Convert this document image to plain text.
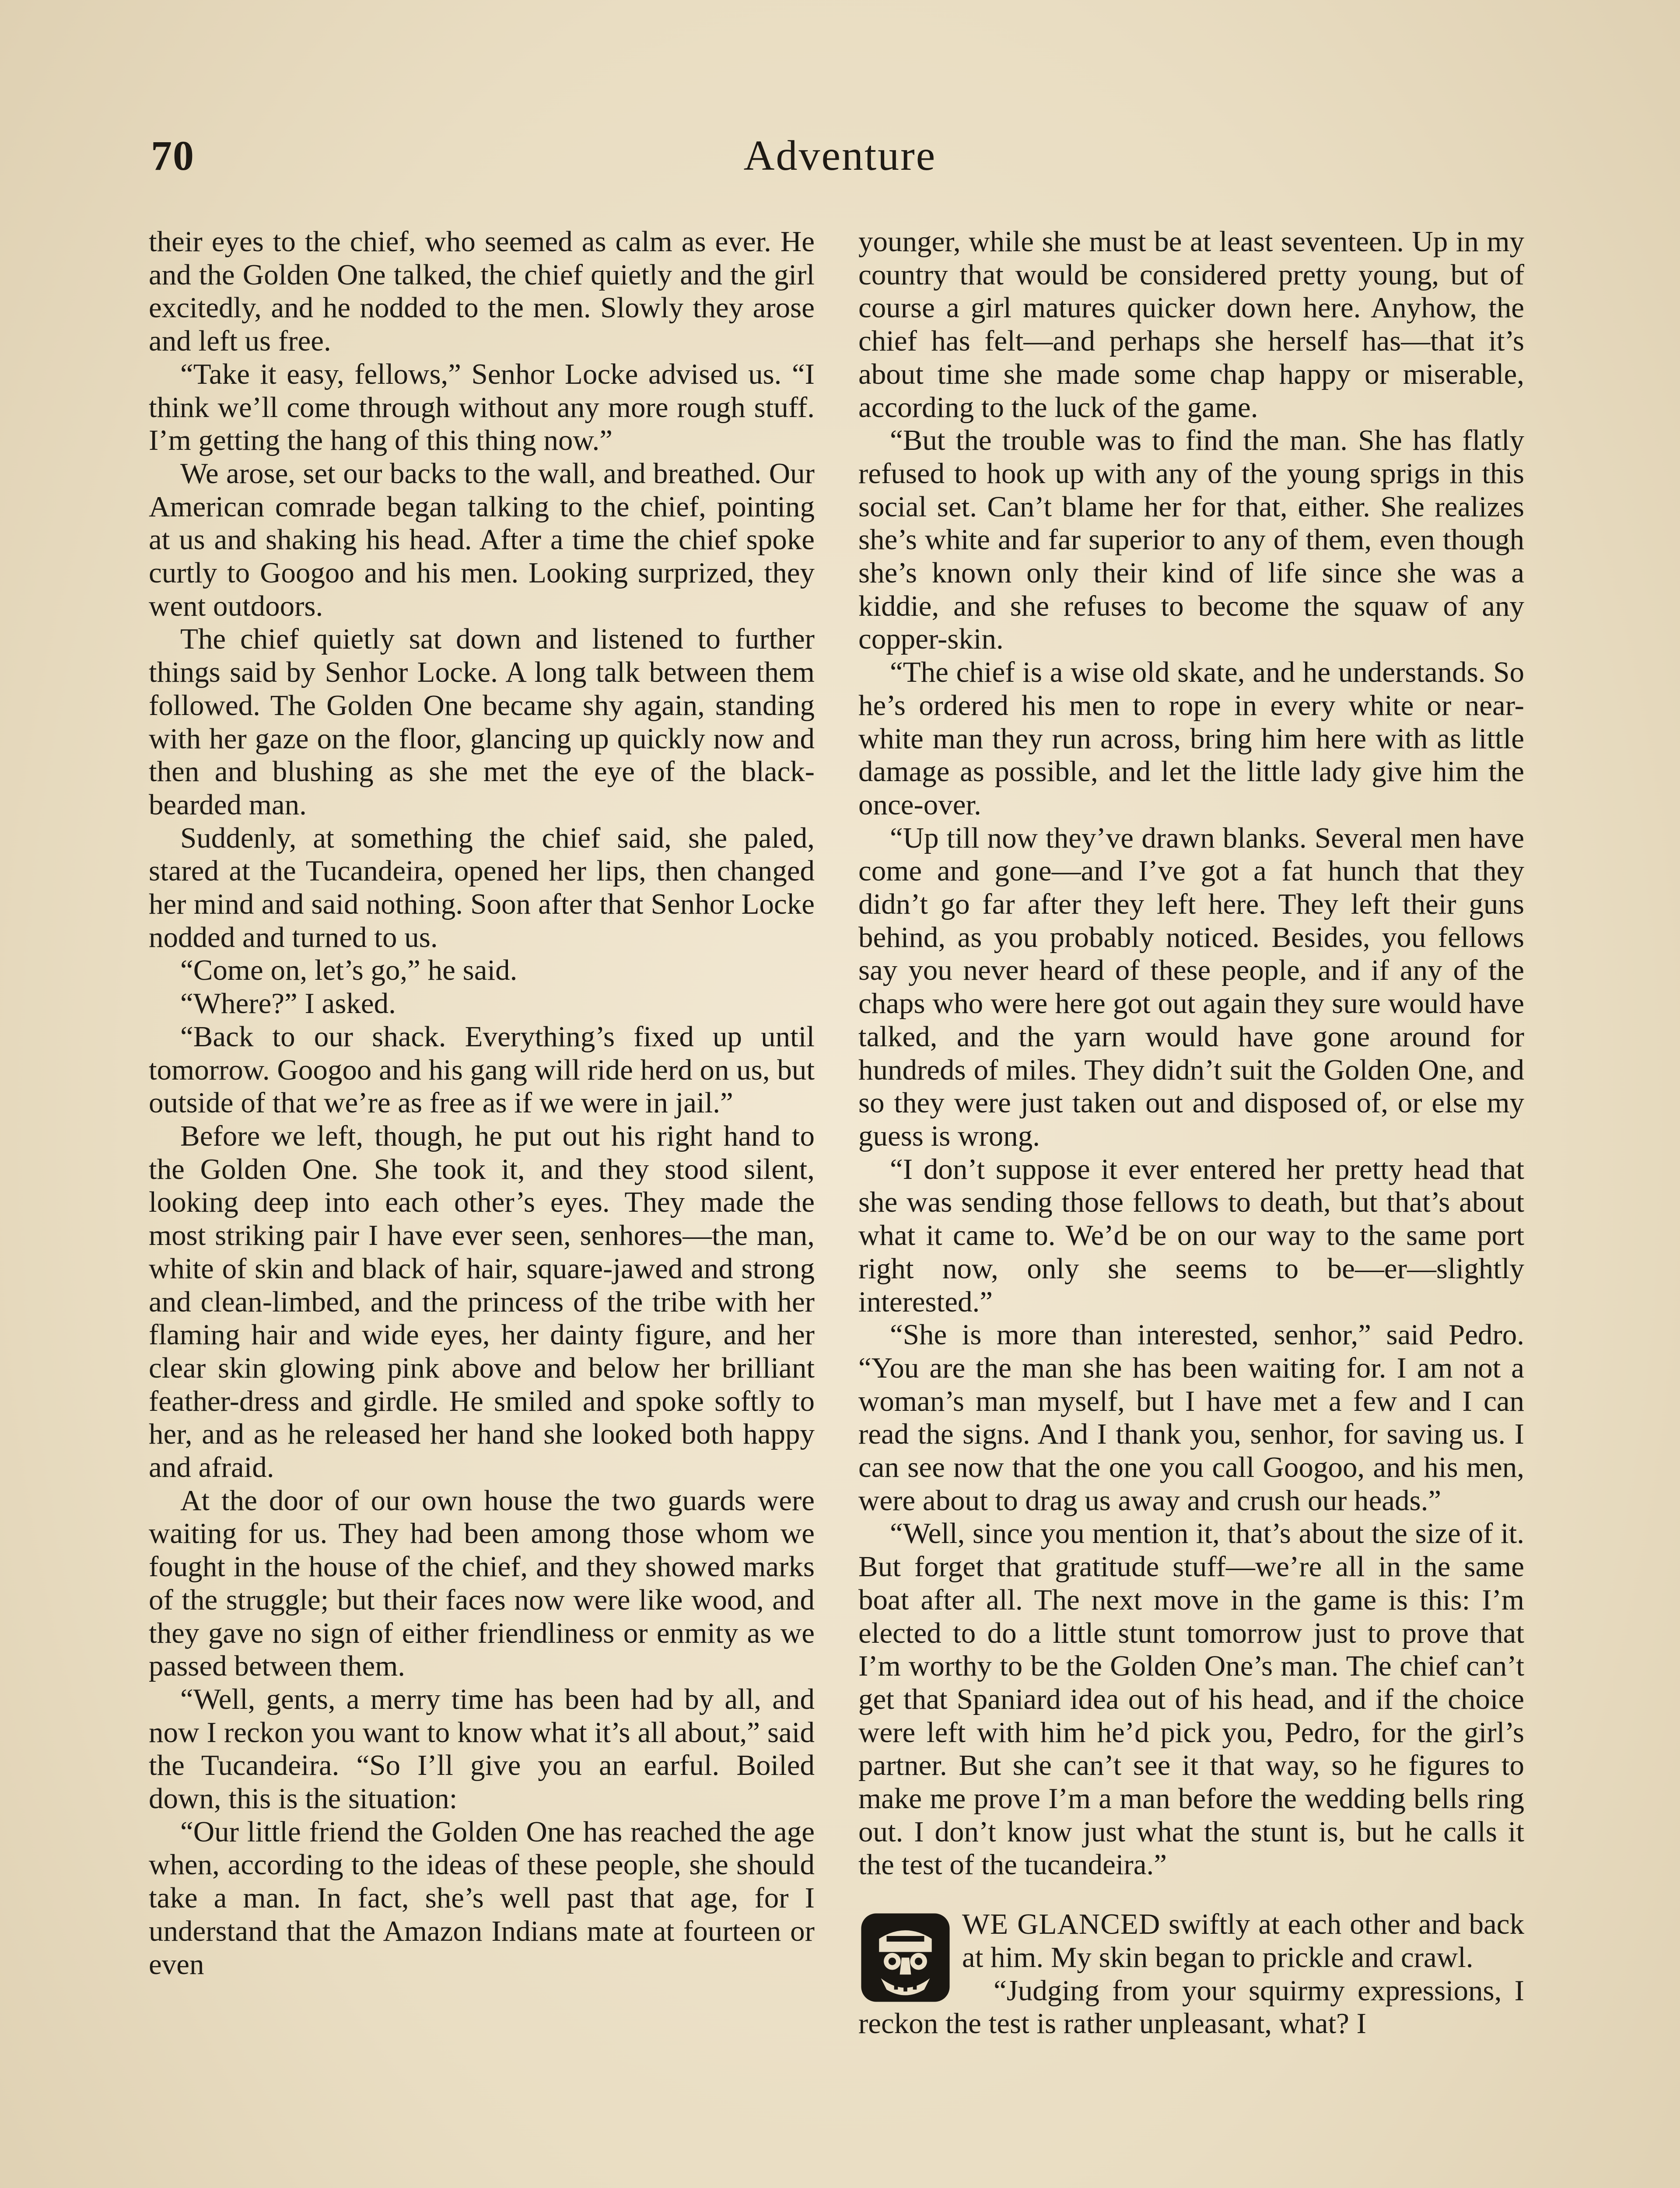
70	Adventure

their eyes to the chief, who seemed as calm as ever. He and the Golden One talked, the chief quietly and the girl excitedly, and he nodded to the men. Slowly they arose and left us free.

“Take it easy, fellows,” Senhor Locke advised us. “I think we’ll come through without any more rough stuff. I’m getting the hang of this thing now.”

We arose, set our backs to the wall, and breathed. Our American comrade began talking to the chief, pointing at us and shaking his head. After a time the chief spoke curtly to Googoo and his men. Looking surprized, they went outdoors.

The chief quietly sat down and listened to further things said by Senhor Locke. A long talk between them followed. The Golden One became shy again, standing with her gaze on the floor, glancing up quickly now and then and blushing as she met the eye of the black-bearded man.

Suddenly, at something the chief said, she paled, stared at the Tucandeira, opened her lips, then changed her mind and said nothing. Soon after that Senhor Locke nodded and turned to us.

“Come on, let’s go,” he said.

“Where?” I asked.

“Back to our shack. Everything’s fixed up until tomorrow. Googoo and his gang will ride herd on us, but outside of that we’re as free as if we were in jail.”

Before we left, though, he put out his right hand to the Golden One. She took it, and they stood silent, looking deep into each other’s eyes. They made the most striking pair I have ever seen, senhores—the man, white of skin and black of hair, square-jawed and strong and clean-limbed, and the princess of the tribe with her flaming hair and wide eyes, her dainty figure, and her clear skin glowing pink above and below her brilliant feather-dress and girdle. He smiled and spoke softly to her, and as he released her hand she looked both happy and afraid.

At the door of our own house the two guards were waiting for us. They had been among those whom we fought in the house of the chief, and they showed marks of the struggle; but their faces now were like wood, and they gave no sign of either friendliness or enmity as we passed between them.

“Well, gents, a merry time has been had by all, and now I reckon you want to know what it’s all about,” said the Tucandeira. “So I’ll give you an earful. Boiled down, this is the situation:

“Our little friend the Golden One has reached the age when, according to the ideas of these people, she should take a man. In fact, she’s well past that age, for I understand that the Amazon Indians mate at fourteen or even

younger, while she must be at least seventeen. Up in my country that would be considered pretty young, but of course a girl matures quicker down here. Anyhow, the chief has felt—and perhaps she herself has—that it’s about time she made some chap happy or miserable, according to the luck of the game.

“But the trouble was to find the man. She has flatly refused to hook up with any of the young sprigs in this social set. Can’t blame her for that, either. She realizes she’s white and far superior to any of them, even though she’s known only their kind of life since she was a kiddie, and she refuses to become the squaw of any copper-skin.

“The chief is a wise old skate, and he understands. So he’s ordered his men to rope in every white or near-white man they run across, bring him here with as little damage as possible, and let the little lady give him the once-over.

“Up till now they’ve drawn blanks. Several men have come and gone—and I’ve got a fat hunch that they didn’t go far after they left here. They left their guns behind, as you probably noticed. Besides, you fellows say you never heard of these people, and if any of the chaps who were here got out again they sure would have talked, and the yarn would have gone around for hundreds of miles. They didn’t suit the Golden One, and so they were just taken out and disposed of, or else my guess is wrong.

“I don’t suppose it ever entered her pretty head that she was sending those fellows to death, but that’s about what it came to. We’d be on our way to the same port right now, only she seems to be—er—slightly interested.”

“She is more than interested, senhor,” said Pedro. “You are the man she has been waiting for. I am not a woman’s man myself, but I have met a few and I can read the signs. And I thank you, senhor, for saving us. I can see now that the one you call Googoo, and his men, were about to drag us away and crush our heads.”

“Well, since you mention it, that’s about the size of it. But forget that gratitude stuff—we’re all in the same boat after all. The next move in the game is this: I’m elected to do a little stunt tomorrow just to prove that I’m worthy to be the Golden One’s man. The chief can’t get that Spaniard idea out of his head, and if the choice were left with him he’d pick you, Pedro, for the girl’s partner. But she can’t see it that way, so he figures to make me prove I’m a man before the wedding bells ring out. I don’t know just what the stunt is, but he calls it the test of the tucandeira.”

WE GLANCED swiftly at each other and back at him. My skin began to prickle and crawl.

“Judging from your squirmy expressions, I reckon the test is rather unpleasant, what? I
